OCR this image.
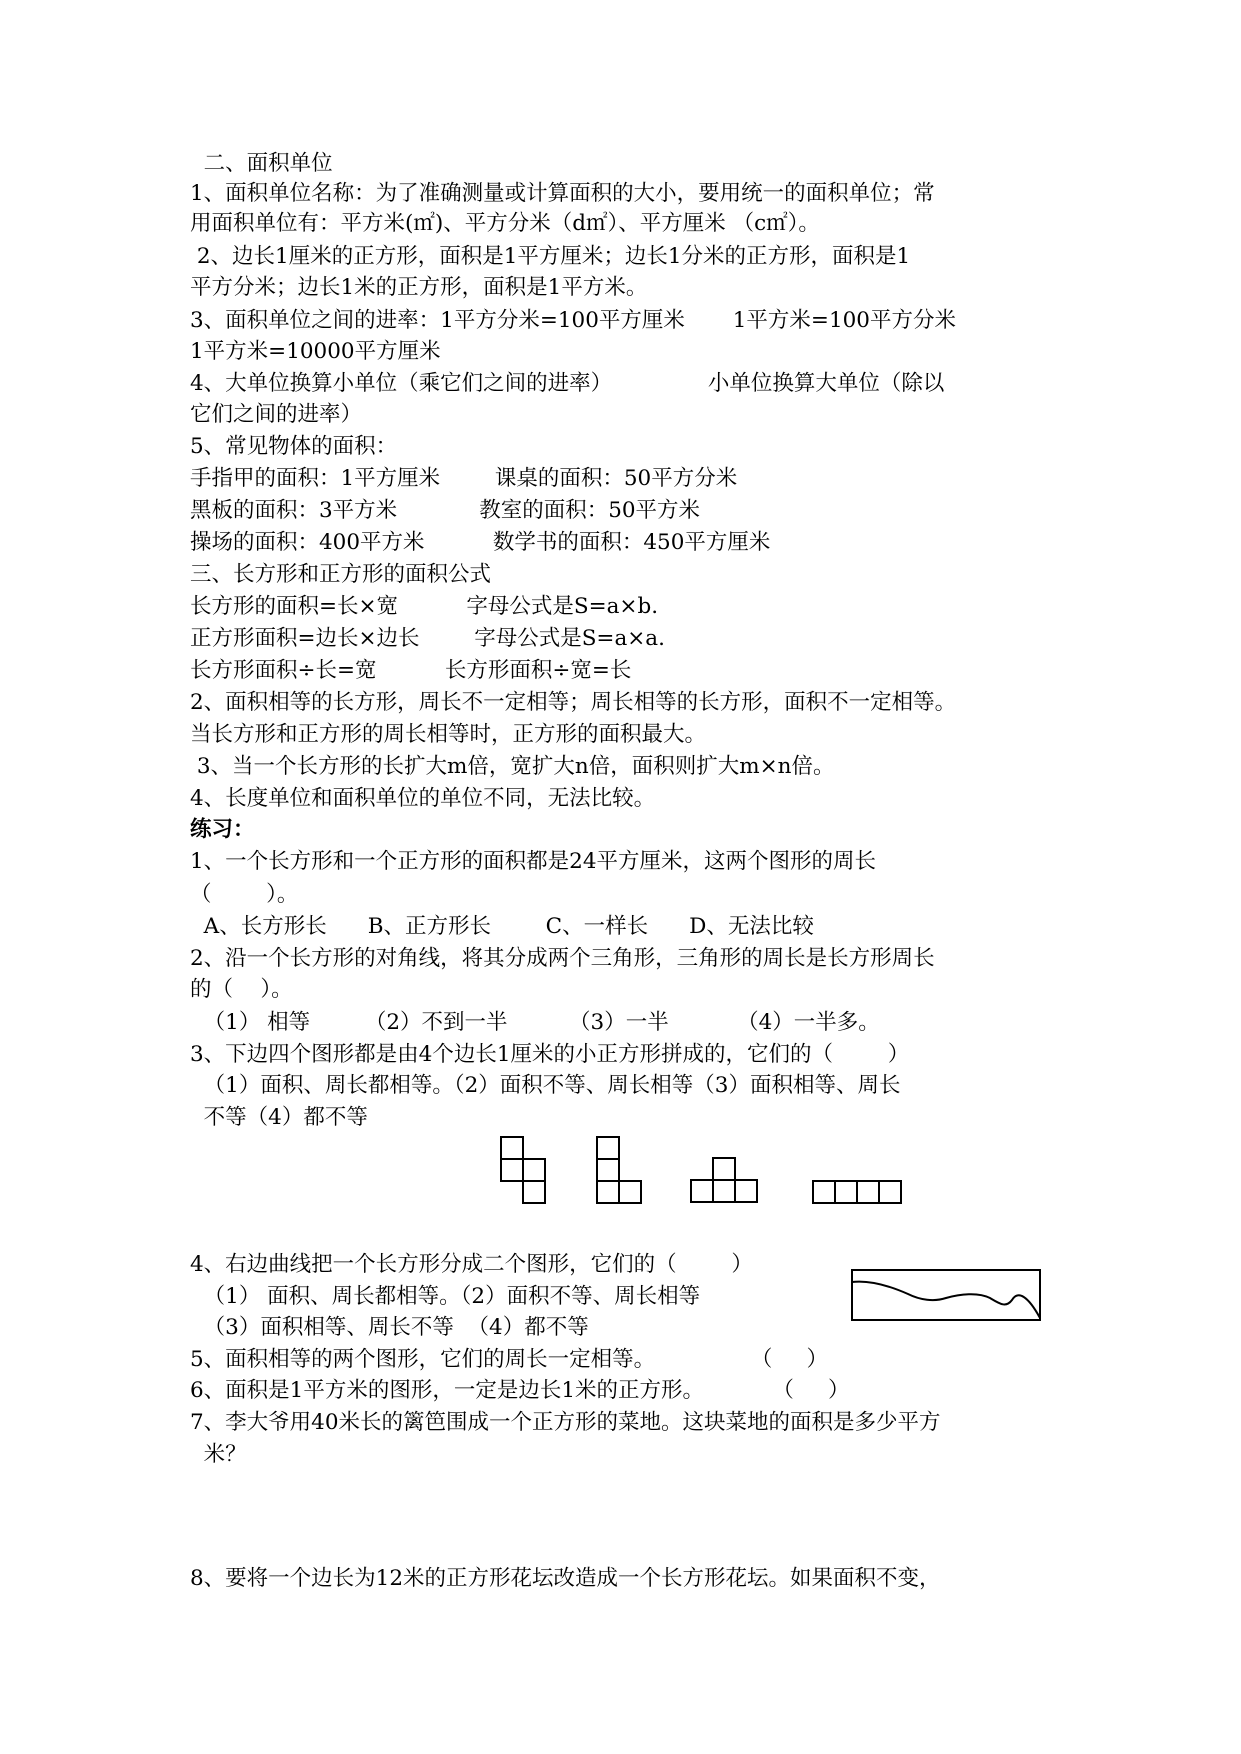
二、面积单位
1、面积单位名称：为了准确测量或计算面积的大小，要用统一的面积单位；常
用面积单位有：平方米(㎡)、平方分米（d㎡）、平方厘米 （c㎡）。
2、边长1厘米的正方形，面积是1平方厘米；边长1分米的正方形，面积是1
平方分米；边长1米的正方形，面积是1平方米。
3、面积单位之间的进率：1平方分米=100平方厘米       1平方米=100平方分米
1平方米=10000平方厘米
4、大单位换算小单位（乘它们之间的进率）              小单位换算大单位（除以
它们之间的进率）
5、常见物体的面积：
手指甲的面积：1平方厘米        课桌的面积：50平方分米
黑板的面积：3平方米            教室的面积：50平方米
操场的面积：400平方米          数学书的面积：450平方厘米
三、长方形和正方形的面积公式
长方形的面积=长×宽          字母公式是S=a×b.
正方形面积=边长×边长        字母公式是S=a×a.
长方形面积÷长=宽          长方形面积÷宽=长
2、面积相等的长方形，周长不一定相等；周长相等的长方形，面积不一定相等。
当长方形和正方形的周长相等时，正方形的面积最大。
3、当一个长方形的长扩大m倍，宽扩大n倍，面积则扩大m×n倍。
4、长度单位和面积单位的单位不同，无法比较。
练习：
1、一个长方形和一个正方形的面积都是24平方厘米，这两个图形的周长
（        ）。
A、长方形长      B、正方形长        C、一样长      D、无法比较
2、沿一个长方形的对角线，将其分成两个三角形，三角形的周长是长方形周长
的（    ）。
（1） 相等        （2）不到一半         （3）一半          （4）一半多。
3、下边四个图形都是由4个边长1厘米的小正方形拼成的，它们的（        ）
（1）面积、周长都相等。（2）面积不等、周长相等（3）面积相等、周长
不等（4）都不等
4、右边曲线把一个长方形分成二个图形，它们的（        ）
（1） 面积、周长都相等。（2）面积不等、周长相等
（3）面积相等、周长不等  （4）都不等
5、面积相等的两个图形，它们的周长一定相等。              （     ）
6、面积是1平方米的图形，一定是边长1米的正方形。          （     ）
7、李大爷用40米长的篱笆围成一个正方形的菜地。这块菜地的面积是多少平方
米？
8、要将一个边长为12米的正方形花坛改造成一个长方形花坛。如果面积不变，
